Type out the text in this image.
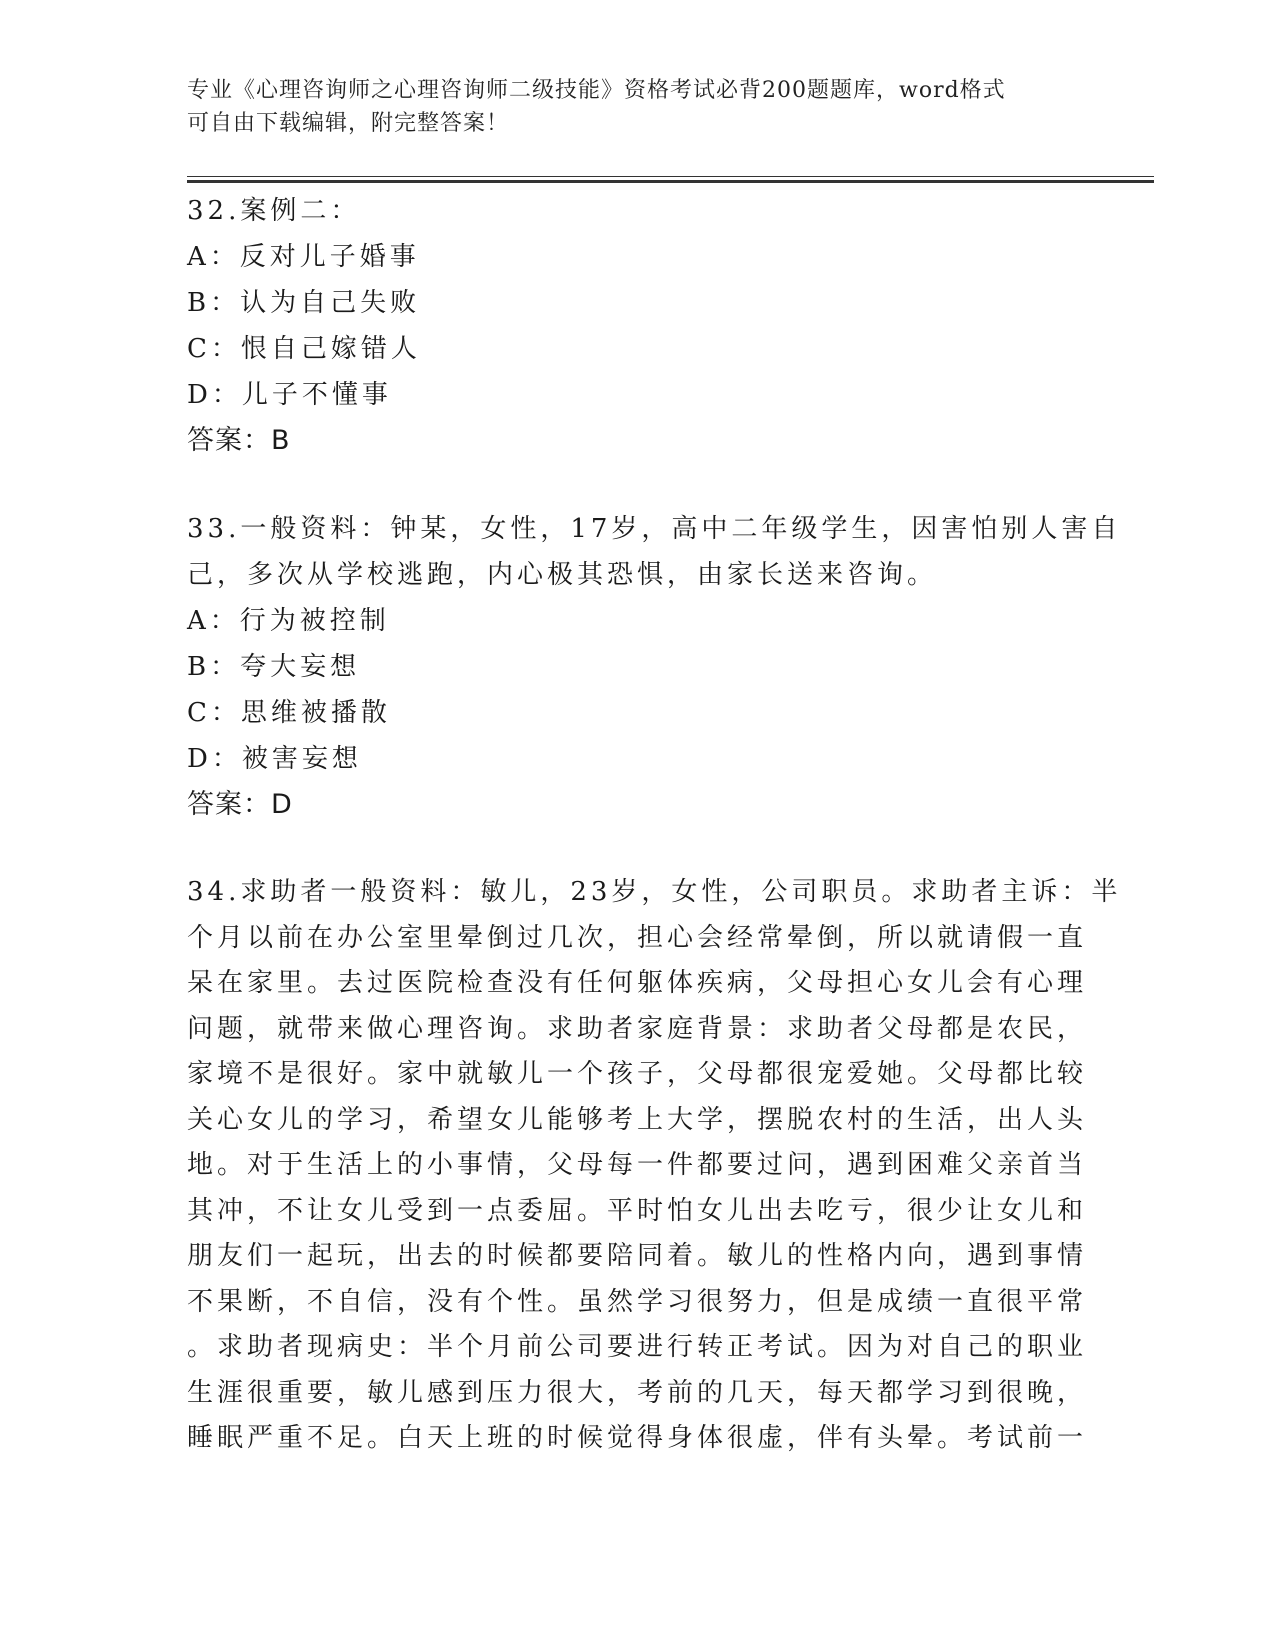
专业《心理咨询师之心理咨询师二级技能》资格考试必背200题题库，word格式
可自由下载编辑，附完整答案！
32.案例二：
A：反对儿子婚事
B：认为自己失败
C：恨自己嫁错人
D：儿子不懂事
答案：B
33.一般资料：钟某，女性，17岁，高中二年级学生，因害怕别人害自
己，多次从学校逃跑，内心极其恐惧，由家长送来咨询。
A：行为被控制
B：夸大妄想
C：思维被播散
D：被害妄想
答案：D
34.求助者一般资料：敏儿，23岁，女性，公司职员。求助者主诉：半
个月以前在办公室里晕倒过几次，担心会经常晕倒，所以就请假一直
呆在家里。去过医院检查没有任何躯体疾病，父母担心女儿会有心理
问题，就带来做心理咨询。求助者家庭背景：求助者父母都是农民，
家境不是很好。家中就敏儿一个孩子，父母都很宠爱她。父母都比较
关心女儿的学习，希望女儿能够考上大学，摆脱农村的生活，出人头
地。对于生活上的小事情，父母每一件都要过问，遇到困难父亲首当
其冲，不让女儿受到一点委屈。平时怕女儿出去吃亏，很少让女儿和
朋友们一起玩，出去的时候都要陪同着。敏儿的性格内向，遇到事情
不果断，不自信，没有个性。虽然学习很努力，但是成绩一直很平常
。求助者现病史：半个月前公司要进行转正考试。因为对自己的职业
生涯很重要，敏儿感到压力很大，考前的几天，每天都学习到很晚，
睡眠严重不足。白天上班的时候觉得身体很虚，伴有头晕。考试前一
